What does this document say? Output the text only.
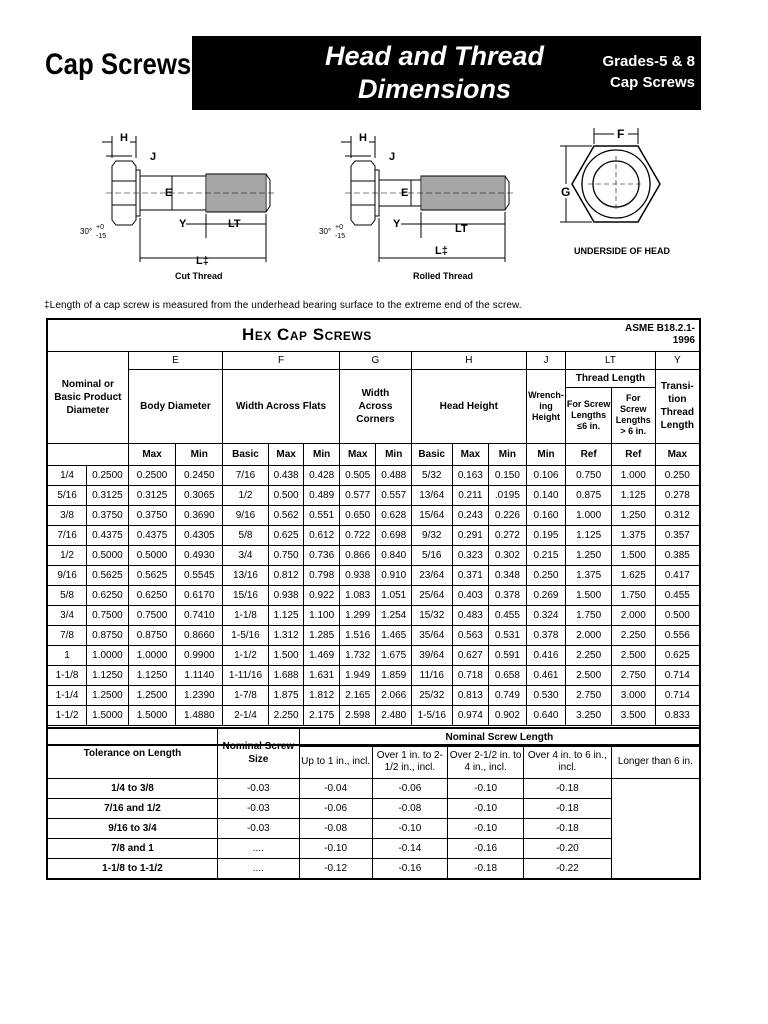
Cap Screws	Head and Thread
Dimensions
Grades-5 & 8
Cap Screws
H
J
E
Y	LT
L‡
30° +0
-15
Cut Thread
H
J
E
Y	LT
L‡
30° +0
-15
Rolled Thread
F
G
UNDERSIDE OF HEAD
‡Length of a cap screw is measured from the underhead bearing surface to the extreme end of the screw.
Hex Cap Screws													ASME B18.2.1-
1996		

Nominal or Basic Product Diameter		E		F			G		H			J	LT		Y
		Body Diameter		Width Across Flats			Width Across Corners		Head Height			Wrench-ing Height	Thread Length		Transi-tion Thread Length
													For Screw Lengths ≤6 in.	For Screw Lengths > 6 in.	
		Max	Min	Basic	Max	Min	Max	Min	Basic	Max	Min	Min	Ref	Ref	Max
1/4	0.2500	0.2500	0.2450	7/16	0.438	0.428	0.505	0.488	5/32	0.163	0.150	0.106	0.750	1.000	0.250
5/16	0.3125	0.3125	0.3065	1/2	0.500	0.489	0.577	0.557	13/64	0.211	.0195	0.140	0.875	1.125	0.278
3/8	0.3750	0.3750	0.3690	9/16	0.562	0.551	0.650	0.628	15/64	0.243	0.226	0.160	1.000	1.250	0.312
7/16	0.4375	0.4375	0.4305	5/8	0.625	0.612	0.722	0.698	9/32	0.291	0.272	0.195	1.125	1.375	0.357
1/2	0.5000	0.5000	0.4930	3/4	0.750	0.736	0.866	0.840	5/16	0.323	0.302	0.215	1.250	1.500	0.385
9/16	0.5625	0.5625	0.5545	13/16	0.812	0.798	0.938	0.910	23/64	0.371	0.348	0.250	1.375	1.625	0.417
5/8	0.6250	0.6250	0.6170	15/16	0.938	0.922	1.083	1.051	25/64	0.403	0.378	0.269	1.500	1.750	0.455
3/4	0.7500	0.7500	0.7410	1-1/8	1.125	1.100	1.299	1.254	15/32	0.483	0.455	0.324	1.750	2.000	0.500
7/8	0.8750	0.8750	0.8660	1-5/16	1.312	1.285	1.516	1.465	35/64	0.563	0.531	0.378	2.000	2.250	0.556
1	1.0000	1.0000	0.9900	1-1/2	1.500	1.469	1.732	1.675	39/64	0.627	0.591	0.416	2.250	2.500	0.625
1-1/8	1.1250	1.1250	1.1140	1-11/16	1.688	1.631	1.949	1.859	11/16	0.718	0.658	0.461	2.500	2.750	0.714
1-1/4	1.2500	1.2500	1.2390	1-7/8	1.875	1.812	2.165	2.066	25/32	0.813	0.749	0.530	2.750	3.000	0.714
1-1/2	1.5000	1.5000	1.4880	2-1/4	2.250	2.175	2.598	2.480	1-5/16	0.974	0.902	0.640	3.250	3.500	0.833

Tolerance on Length	Nominal Screw Size	Nominal Screw Length				
		Up to 1 in., incl.	Over 1 in. to 2-1/2 in., incl.	Over 2-1/2 in. to 4 in., incl.	Over 4 in. to 6 in., incl.	Longer than 6 in.
1/4 to 3/8	-0.03	-0.04	-0.06	-0.10	-0.18	
7/16 and 1/2	-0.03	-0.06	-0.08	-0.10	-0.18	
9/16 to 3/4	-0.03	-0.08	-0.10	-0.10	-0.18	
7/8 and 1	....	-0.10	-0.14	-0.16	-0.20	
1-1/8 to 1-1/2	....	-0.12	-0.16	-0.18	-0.22	
